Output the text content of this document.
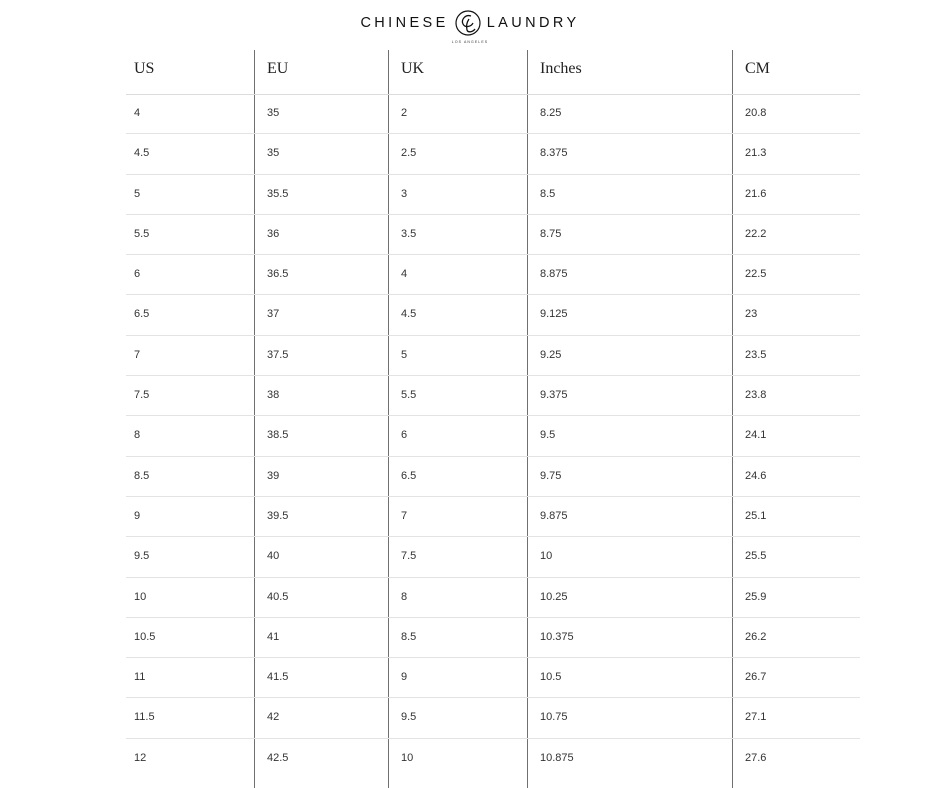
CHINESE	LAUNDRY
LOS ANGELES
US	EU	UK	Inches	CM
4	35	2	8.25	20.8
4.5	35	2.5	8.375	21.3
5	35.5	3	8.5	21.6
5.5	36	3.5	8.75	22.2
6	36.5	4	8.875	22.5
6.5	37	4.5	9.125	23
7	37.5	5	9.25	23.5
7.5	38	5.5	9.375	23.8
8	38.5	6	9.5	24.1
8.5	39	6.5	9.75	24.6
9	39.5	7	9.875	25.1
9.5	40	7.5	10	25.5
10	40.5	8	10.25	25.9
10.5	41	8.5	10.375	26.2
11	41.5	9	10.5	26.7
11.5	42	9.5	10.75	27.1
12	42.5	10	10.875	27.6
